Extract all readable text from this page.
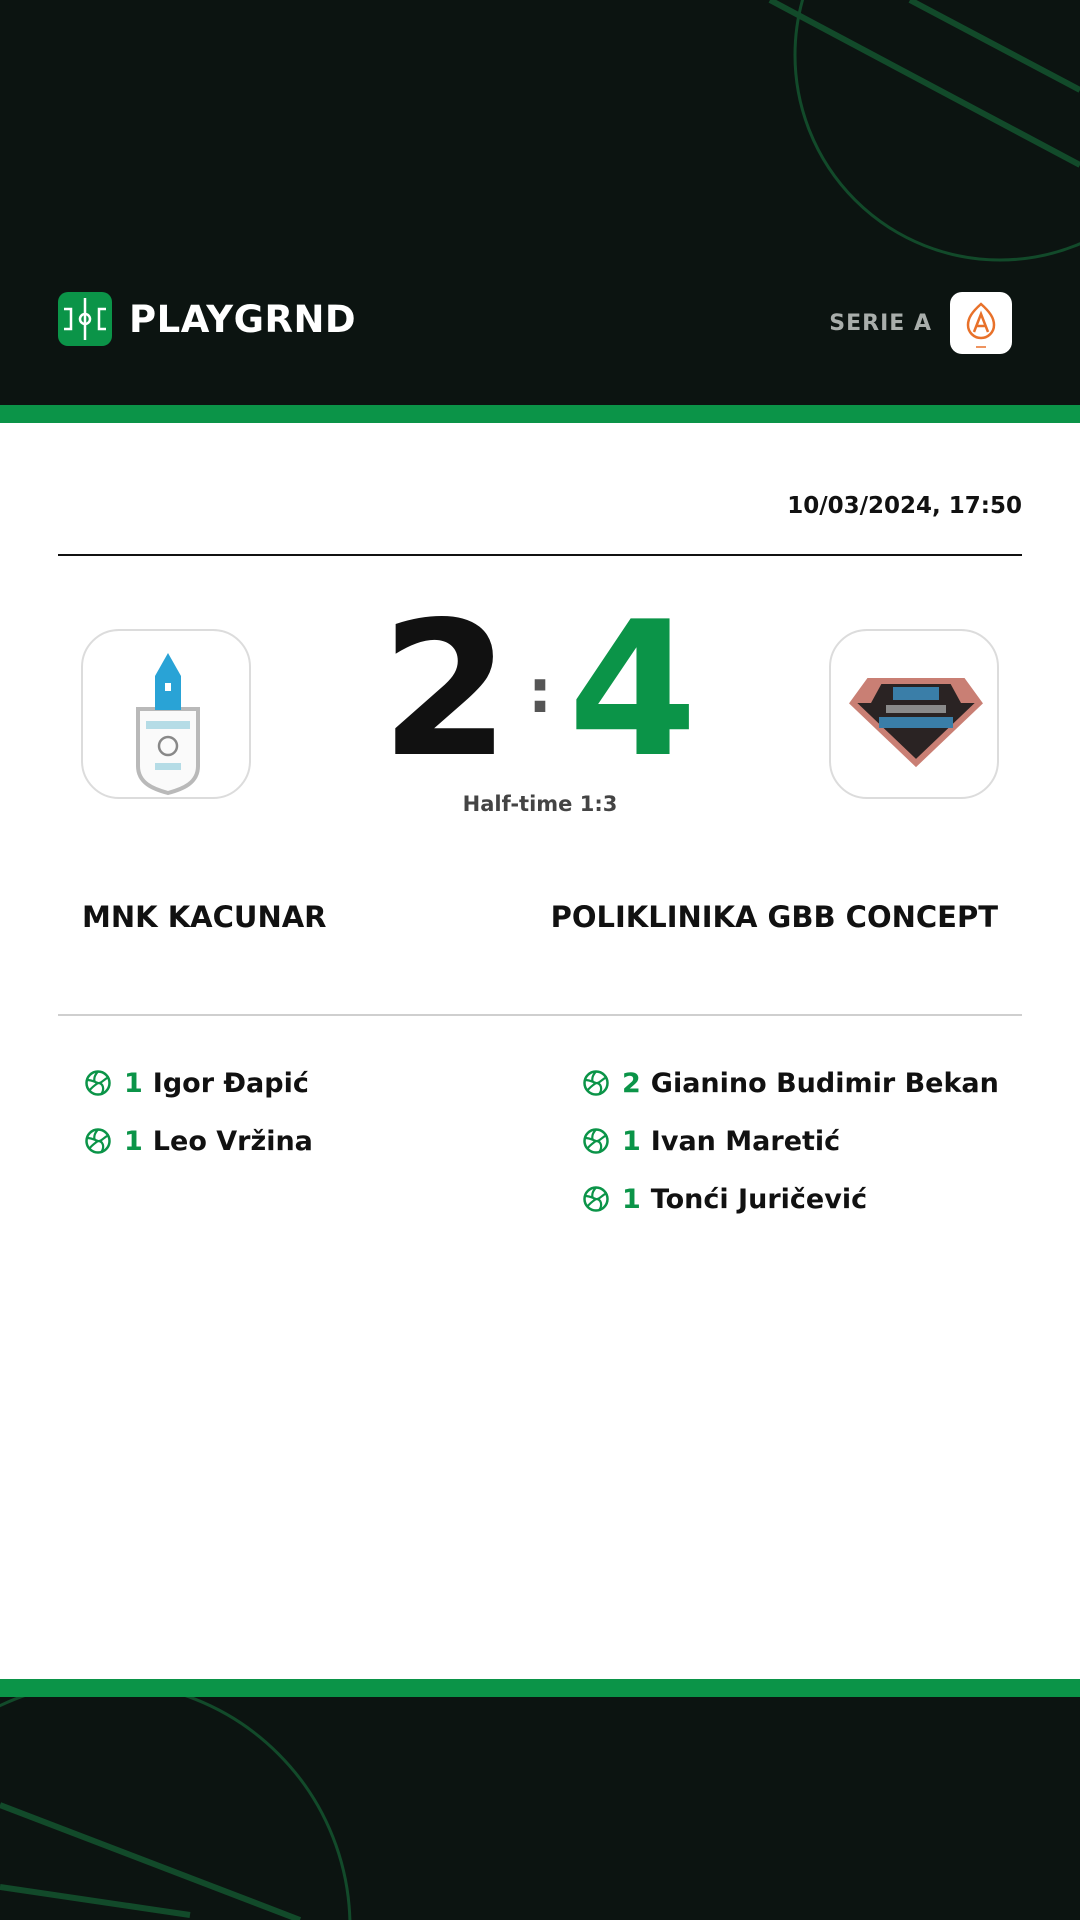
PLAYGRND	SERIE A
10/03/2024, 17:50
2 : 4
Half-time 1:3
MNK KACUNAR	POLIKLINIKA GBB CONCEPT
1 Igor Đapić
1 Leo Vržina
2 Gianino Budimir Bekan
1 Ivan Maretić
1 Tonći Juričević
